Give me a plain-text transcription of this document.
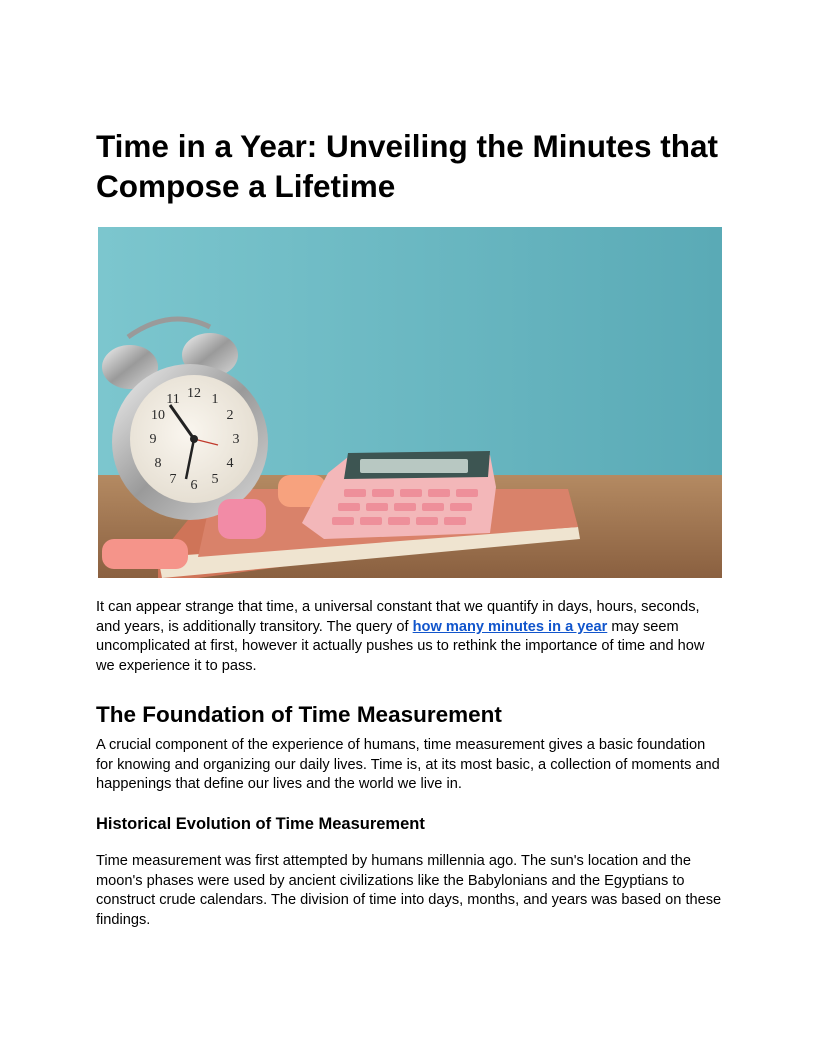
Time in a Year: Unveiling the Minutes that Compose a Lifetime
12 1
2
3
4
5
6
7
8
9
10
11

It can appear strange that time, a universal constant that we quantify in days, hours, seconds, and years, is additionally transitory. The query of how many minutes in a year may seem uncomplicated at first, however it actually pushes us to rethink the importance of time and how we experience it to pass.

The Foundation of Time Measurement

A crucial component of the experience of humans, time measurement gives a basic foundation for knowing and organizing our daily lives. Time is, at its most basic, a collection of moments and happenings that define our lives and the world we live in.

Historical Evolution of Time Measurement

Time measurement was first attempted by humans millennia ago. The sun's location and the moon's phases were used by ancient civilizations like the Babylonians and the Egyptians to construct crude calendars. The division of time into days, months, and years was based on these findings.
